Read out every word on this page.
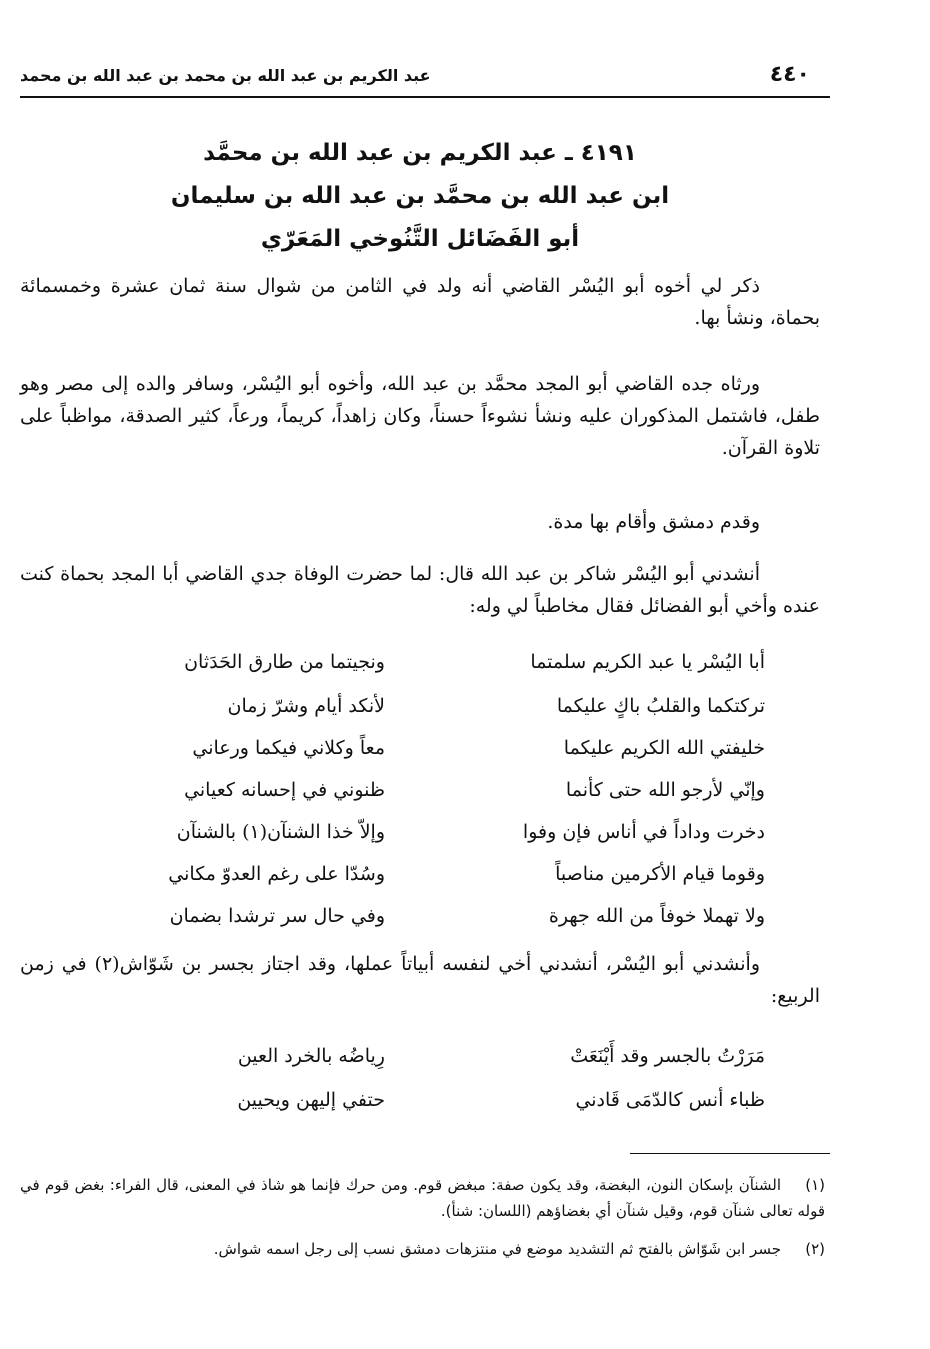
٤٤٠
عبد الكريم بن عبد الله بن محمد بن عبد الله بن محمد

٤١٩١ ـ عبد الكريم بن عبد الله بن محمَّد

ابن عبد الله بن محمَّد بن عبد الله بن سليمان

أبو الفَضَائل التَّنُوخي المَعَرّي

ذكر لي أخوه أبو اليُسْر القاضي أنه ولد في الثامن من شوال سنة ثمان عشرة وخمسمائة بحماة، ونشأ بها.

ورثاه جده القاضي أبو المجد محمَّد بن عبد الله، وأخوه أبو اليُسْر، وسافر والده إلى مصر وهو طفل، فاشتمل المذكوران عليه ونشأ نشوءاً حسناً، وكان زاهداً، كريماً، ورعاً، كثير الصدقة، مواظباً على تلاوة القرآن.

وقدم دمشق وأقام بها مدة.

أنشدني أبو اليُسْر شاكر بن عبد الله قال: لما حضرت الوفاة جدي القاضي أبا المجد بحماة كنت عنده وأخي أبو الفضائل فقال مخاطباً لي وله:

أبا اليُسْر يا عبد الكريم سلمتما
ونجيتما من طارق الحَدَثان
تركتكما والقلبُ باكٍ عليكما
لأنكد أيام وشرّ زمان
خليفتي الله الكريم عليكما
معاً وكلاني فيكما ورعاني
وإنّي لأرجو الله حتى كأنما
ظنوني في إحسانه كعياني
دخرت وداداً في أناس فإن وفوا
وإلاّ خذا الشنآن(١) بالشنآن
وقوما قيام الأكرمين مناصباً
وسُدّا على رغم العدوّ مكاني
ولا تهملا خوفاً من الله جهرة
وفي حال سر ترشدا بضمان

وأنشدني أبو اليُسْر، أنشدني أخي لنفسه أبياتاً عملها، وقد اجتاز بجسر بن شَوّاش(٢) في زمن الربيع:

مَرَرْتُ بالجسر وقد أَيْنَعَتْ
رِياضُه بالخرد العين
ظباء أنس كالدّمَى قَادني
حتفي إليهن ويحيين

(١)الشنآن بإسكان النون، البغضة، وقد يكون صفة: مبغض قوم. ومن حرك فإنما هو شاذ في المعنى، قال الفراء: بغض قوم في قوله تعالى شنآن قوم، وقيل شنآن أي بغضاؤهم (اللسان: شنأ).

(٢)جسر ابن شَوّاش بالفتح ثم التشديد موضع في منتزهات دمشق نسب إلى رجل اسمه شواش.
